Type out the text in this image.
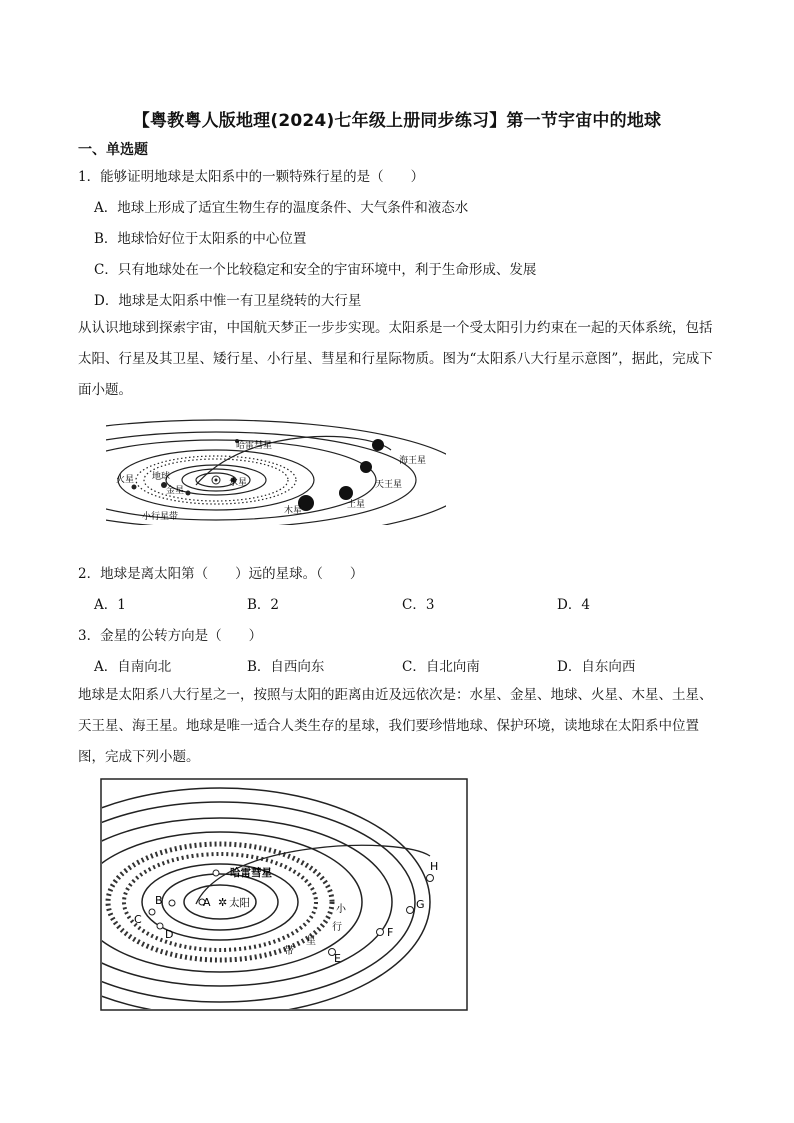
【粤教粤人版地理(2024)七年级上册同步练习】第一节宇宙中的地球
一、单选题
1．能够证明地球是太阳系中的一颗特殊行星的是（　　）
A．地球上形成了适宜生物生存的温度条件、大气条件和液态水
B．地球恰好位于太阳系的中心位置
C．只有地球处在一个比较稳定和安全的宇宙环境中，利于生命形成、发展
D．地球是太阳系中惟一有卫星绕转的大行星
从认识地球到探索宇宙，中国航天梦正一步步实现。太阳系是一个受太阳引力约束在一起的天体系统，包括太阳、行星及其卫星、矮行星、小行星、彗星和行星际物质。图为“太阳系八大行星示意图”，据此，完成下面小题。
哈雷彗星
海王星
地球
火星
金星
水星	天王星
土星
木星
小行星带
2．地球是离太阳第（　　）远的星球。（　　）
A．1	B．2	C．3	D．4
3．金星的公转方向是（　　）
A．自南向北	B．自西向东	C．自北向南	D．自东向西
地球是太阳系八大行星之一，按照与太阳的距离由近及远依次是：水星、金星、地球、火星、木星、土星、天王星、海王星。地球是唯一适合人类生存的星球，我们要珍惜地球、保护环境，读地球在太阳系中位置图，完成下列小题。
哈雷彗星
A ✲ 太阳
B
C
D
E
F
G
H
小
行
星
带
